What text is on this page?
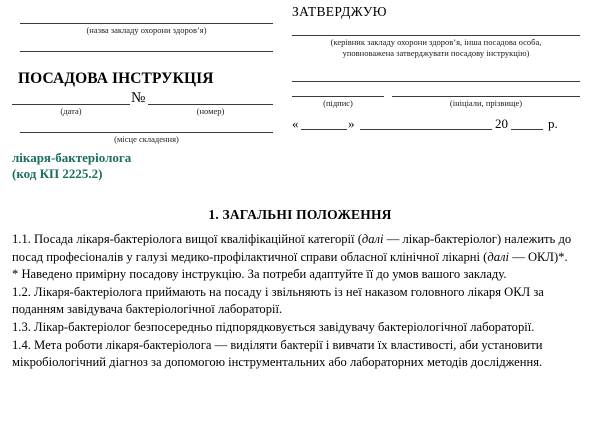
(назва закладу охорони здоров’я)
ПОСАДОВА ІНСТРУКЦІЯ
№
(дата)	(номер)
(місце складення)
ЗАТВЕРДЖУЮ
(керівник закладу охорони здоров’я, інша посадова особа,
уповноважена затверджувати посадову інструкцію)
(підпис)	(ініціали, прізвище)
«	»	20	р.
лікаря-бактеріолога
(код КП 2225.2)
1. ЗАГАЛЬНІ ПОЛОЖЕННЯ

1.1. Посада лікаря-бактеріолога вищої кваліфікаційної категорії (далі — лікар-бактеріолог) належить до посад професіоналів у галузі медико-профілактичної справи обласної клінічної лікарні (далі — ОКЛ)*.

* Наведено примірну посадову інструкцію. За потреби адаптуйте її до умов вашого закладу.

1.2. Лікаря-бактеріолога приймають на посаду і звільняють із неї наказом головного лікаря ОКЛ за поданням завідувача бактеріологічної лабораторії.

1.3. Лікар-бактеріолог безпосередньо підпорядковується завідувачу бактеріологічної лабораторії.

1.4. Мета роботи лікаря-бактеріолога — виділяти бактерії і вивчати їх властивості, аби установити мікробіологічний діагноз за допомогою інструментальних або лабораторних методів дослідження.
